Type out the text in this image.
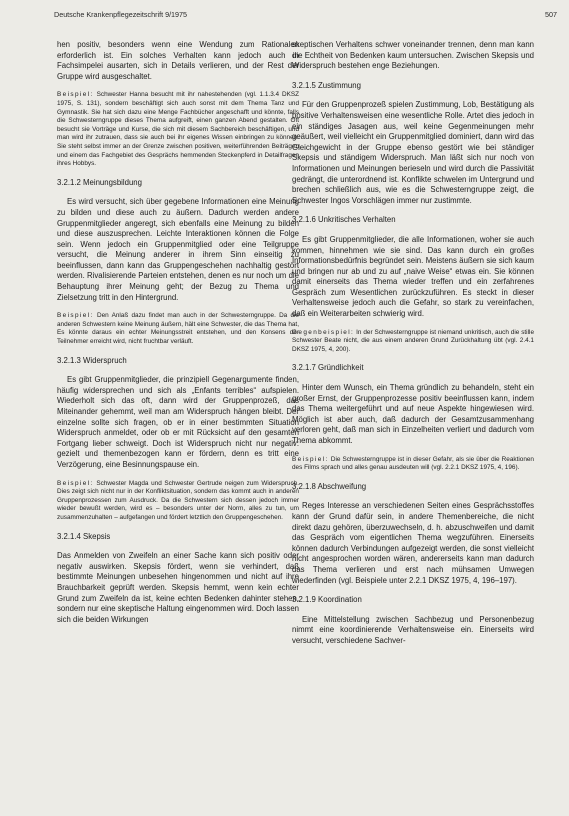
Deutsche Krankenpflegezeitschrift 9/1975	507

hen positiv, besonders wenn eine Wendung zum Rationalen erforderlich ist. Ein solches Verhalten kann jedoch auch in Fachsimpelei ausarten, sich in Details verlieren, und der Rest der Gruppe wird ausgeschaltet.

Beispiel: Schwester Hanna besucht mit ihr nahestehenden (vgl. 1.1.3.4 DKSZ 1975, S. 131), sondern beschäftigt sich auch sonst mit dem Thema Tanz und Gymnastik. Sie hat sich dazu eine Menge Fachbücher angeschafft und könnte, falls die Schwesterngruppe dieses Thema aufgreift, einen ganzen Abend gestalten. Oft besucht sie Vorträge und Kurse, die sich mit diesem Sachbereich beschäftigen, und man wird ihr zutrauen, dass sie auch bei ihr eigenes Wissen einbringen zu können. Sie steht selbst immer an der Grenze zwischen positiven, weiterführenden Beiträgen und einem das Fachgebiet des Gesprächs hemmenden Steckenpferd in Detailfragen ihres Hobbys.

3.2.1.2 Meinungsbildung

Es wird versucht, sich über gegebene Informationen eine Meinung zu bilden und diese auch zu äußern. Dadurch werden andere Gruppenmitglieder angeregt, sich ebenfalls eine Meinung zu bilden und diese auszusprechen. Leichte Interaktionen können die Folge sein. Wenn jedoch ein Gruppenmitglied oder eine Teilgruppe versucht, die Meinung anderer in ihrem Sinn einseitig zu beeinflussen, dann kann das Gruppengeschehen nachhaltig gestört werden. Rivalisierende Parteien entstehen, denen es nur noch um die Behauptung ihrer Meinung geht; der Bezug zu Thema und Zielsetzung tritt in den Hintergrund.

Beispiel: Den Anlaß dazu findet man auch in der Schwesterngruppe. Da die anderen Schwestern keine Meinung äußern, hält eine Schwester, die das Thema hat, Es könnte daraus ein echter Meinungsstreit entstehen, und den Konsens der Teilnehmer erreicht wird, nicht fruchtbar verläuft.

3.2.1.3 Widerspruch

Es gibt Gruppenmitglieder, die prinzipiell Gegenargumente finden, häufig widersprechen und sich als „Enfants terribles“ aufspielen. Wiederholt sich das oft, dann wird der Gruppenprozeß, das Miteinander gehemmt, weil man am Widerspruch hängen bleibt. Der einzelne sollte sich fragen, ob er in einer bestimmten Situation Widerspruch anmeldet, oder ob er mit Rücksicht auf den gesamten Fortgang lieber schweigt. Doch ist Widerspruch nicht nur negativ: gezielt und themenbezogen kann er fördern, denn es tritt eine Verzögerung, eine Besinnungspause ein.

Beispiel: Schwester Magda und Schwester Gertrude neigen zum Widerspruch. Dies zeigt sich nicht nur in der Konfliktsituation, sondern das kommt auch in anderen Gruppenprozessen zum Ausdruck. Da die Schwestern sich dessen jedoch immer wieder bewußt werden, wird es – besonders unter der Norm, alles zu tun, um zusammenzuhalten – aufgefangen und fördert letztlich den Gruppengeschehen.

3.2.1.4 Skepsis

Das Anmelden von Zweifeln an einer Sache kann sich positiv oder negativ auswirken. Skepsis fördert, wenn sie verhindert, daß bestimmte Meinungen unbesehen hingenommen und nicht auf ihre Brauchbarkeit geprüft werden. Skepsis hemmt, wenn kein echter Grund zum Zweifeln da ist, keine echten Bedenken dahinter stehen, sondern nur eine skeptische Haltung eingenommen wird. Doch lassen sich die beiden Wirkungen

skeptischen Verhaltens schwer voneinander trennen, denn man kann die Echtheit von Bedenken kaum untersuchen. Zwischen Skepsis und Widerspruch bestehen enge Beziehungen.

3.2.1.5 Zustimmung

Für den Gruppenprozeß spielen Zustimmung, Lob, Bestätigung als positive Verhaltensweisen eine wesentliche Rolle. Artet dies jedoch in ein ständiges Jasagen aus, weil keine Gegenmeinungen mehr geäußert, weil vielleicht ein Gruppenmitglied dominiert, dann wird das Gleichgewicht in der Gruppe ebenso gestört wie bei ständiger Skepsis und ständigem Widerspruch. Man läßt sich nur noch von Informationen und Meinungen berieseln und wird durch die Passivität gedrängt, die unterordnend ist. Konflikte schwelen im Untergrund und brechen schließlich aus, wie es die Schwesterngruppe zeigt, die Schwester Ingos Vorschlägen immer nur zustimmte.

3.2.1.6 Unkritisches Verhalten

Es gibt Gruppenmitglieder, die alle Informationen, woher sie auch kommen, hinnehmen wie sie sind. Das kann durch ein großes Informationsbedürfnis begründet sein. Meistens äußern sie sich kaum und bringen nur ab und zu auf „naive Weise“ etwas ein. Sie können damit einerseits das Thema wieder treffen und ein zerfahrenes Gespräch zum Wesentlichen zurückzuführen. Es steckt in dieser Verhaltensweise jedoch auch die Gefahr, so stark zu vereinfachen, daß ein Weiterarbeiten schwierig wird.

Gegenbeispiel: In der Schwesterngruppe ist niemand unkritisch, auch die stille Schwester Beate nicht, die aus einem anderen Grund Zurückhaltung übt (vgl. 2.4.1 DKSZ 1975, 4, 200).

3.2.1.7 Gründlichkeit

Hinter dem Wunsch, ein Thema gründlich zu behandeln, steht ein großer Ernst, der Gruppenprozesse positiv beeinflussen kann, indem das Thema weitergeführt und auf neue Aspekte hingewiesen wird. Möglich ist aber auch, daß dadurch der Gesamtzusammenhang verloren geht, daß man sich in Einzelheiten verliert und dadurch vom Thema abkommt.

Beispiel: Die Schwesterngruppe ist in dieser Gefahr, als sie über die Reaktionen des Films sprach und alles genau ausdeuten will (vgl. 2.2.1 DKSZ 1975, 4, 196).

3.2.1.8 Abschweifung

Reges Interesse an verschiedenen Seiten eines Gesprächsstoffes kann der Grund dafür sein, in andere Themenbereiche, die nicht direkt dazu gehören, überzuwechseln, d. h. abzuschweifen und damit das Gespräch vom eigentlichen Thema wegzuführen. Einerseits können dadurch Verbindungen aufgezeigt werden, die sonst vielleicht nicht angesprochen worden wären, andererseits kann man dadurch das Thema verlieren und erst nach mühsamen Umwegen wiederfinden (vgl. Beispiele unter 2.2.1 DKSZ 1975, 4, 196–197).

3.2.1.9 Koordination

Eine Mittelstellung zwischen Sachbezug und Personenbezug nimmt eine koordinierende Verhaltensweise ein. Einerseits wird versucht, verschiedene Sachver-
